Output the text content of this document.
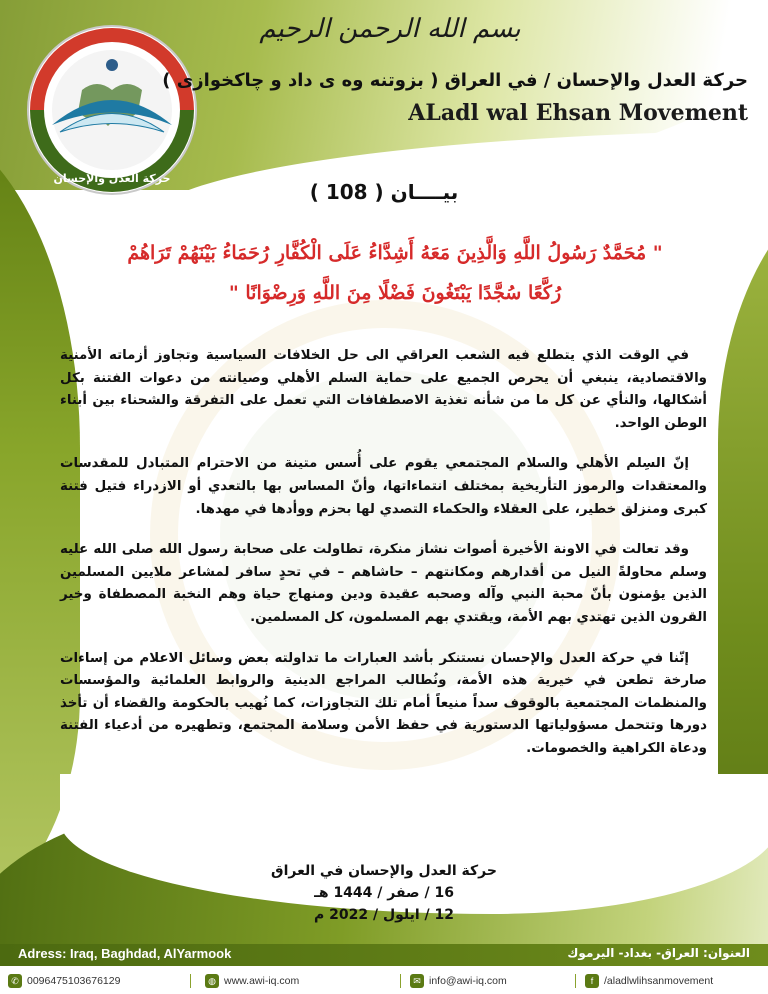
حركة العدل والإحسان
بسم الله الرحمن الرحيم
حركة العدل والإحسان / في العراق ( بزوتنه وه ى داد و چاكخوازى )
ALadl wal Ehsan Movement
بيــــان ( 108 )
" مُحَمَّدٌ رَسُولُ اللَّهِ وَالَّذِينَ مَعَهُ أَشِدَّاءُ عَلَى الْكُفَّارِ رُحَمَاءُ بَيْنَهُمْ تَرَاهُمْ
رُكَّعًا سُجَّدًا يَبْتَغُونَ فَضْلًا مِنَ اللَّهِ وَرِضْوَانًا "

في الوقت الذي يتطلع فيه الشعب العراقي الى حل الخلافات السياسية وتجاوز أزماته الأمنية والاقتصادية، ينبغي أن يحرص الجميع على حماية السلم الأهلي وصيانته من دعوات الفتنة بكل أشكالها، والنأي عن كل ما من شأنه تغذية الاصطفافات التي تعمل على التفرقة والشحناء بين أبناء الوطن الواحد.

إنّ السِلم الأهلي والسلام المجتمعي يقوم على أُسس متينة من الاحترام المتبادل للمقدسات والمعتقدات والرموز التأريخية بمختلف انتماءاتها، وأنّ المساس بها بالتعدي أو الازدراء فتيل فتنة كبرى ومنزلق خطير، على العقلاء والحكماء التصدي لها بحزم ووأدها في مهدها.

وقد تعالت في الاونة الأخيرة أصوات نشاز منكرة، تطاولت على صحابة رسول الله صلى الله عليه وسلم محاولةً النيل من أقدارهم ومكانتهم – حاشاهم – في تحدٍ سافر لمشاعر ملايين المسلمين الذين يؤمنون بأنّ محبة النبي وآله وصحبه عقيدة ودين ومنهاج حياة وهم النخبة المصطفاة وخير القرون الذين تهتدي بهم الأمة، ويقتدي بهم المسلمون، كل المسلمين.

إنّنا في حركة العدل والإحسان نستنكر بأشد العبارات ما تداولته بعض وسائل الاعلام من إساءات صارخة تطعن في خيرية هذه الأمة، ونُطالب المراجع الدينية والروابط العلمائية والمؤسسات والمنظمات المجتمعية بالوقوف سداً منيعاً أمام تلك التجاوزات، كما نُهيب بالحكومة والقضاء أن تأخذ دورها وتتحمل مسؤولياتها الدستورية في حفظ الأمن وسلامة المجتمع، وتطهيره من أدعياء الفتنة ودعاة الكراهية والخصومات.

حركة العدل والإحسان في العراق
16 / صفر / 1444 هـ
12 / ايلول / 2022 م
Adress: Iraq, Baghdad, AlYarmook	العنوان: العراق- بغداد- اليرموك
✆ 009647510367612​9	◍ www.awi-iq.com	✉ info@awi-iq.com	f	/aladlwlihsanmovement
